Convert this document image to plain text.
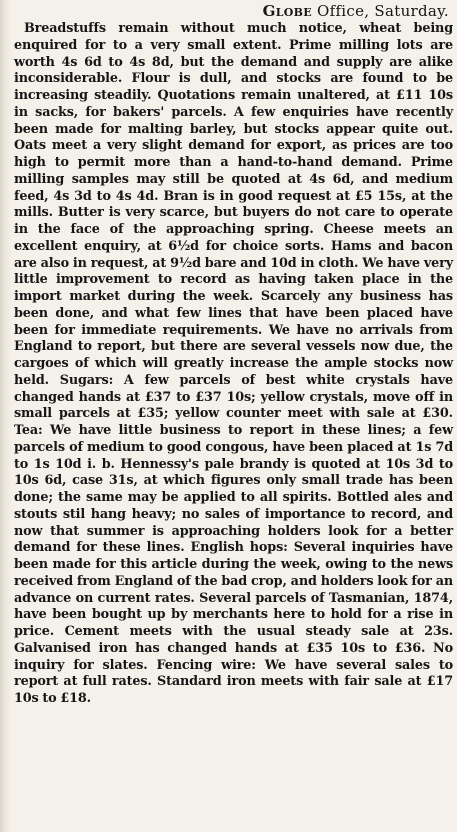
Globe Office, Saturday.

Breadstuffs remain without much notice, wheat being enquired for to a very small extent. Prime milling lots are worth 4s 6d to 4s 8d, but the demand and supply are alike inconsiderable. Flour is dull, and stocks are found to be increasing steadily. Quotations remain unaltered, at £11 10s in sacks, for bakers' parcels. A few enquiries have recently been made for malting barley, but stocks appear quite out. Oats meet a very slight demand for export, as prices are too high to permit more than a hand-to-hand demand. Prime milling samples may still be quoted at 4s 6d, and medium feed, 4s 3d to 4s 4d. Bran is in good request at £5 15s, at the mills. Butter is very scarce, but buyers do not care to operate in the face of the approaching spring. Cheese meets an excellent enquiry, at 6½d for choice sorts. Hams and bacon are also in request, at 9½d bare and 10d in cloth. We have very little improvement to record as having taken place in the import market during the week. Scarcely any business has been done, and what few lines that have been placed have been for immediate requirements. We have no arrivals from England to report, but there are several vessels now due, the cargoes of which will greatly increase the ample stocks now held. Sugars: A few parcels of best white crystals have changed hands at £37 to £37 10s; yellow crystals, move off in small parcels at £35; yellow counter meet with sale at £30. Tea: We have little business to report in these lines; a few parcels of medium to good congous, have been placed at 1s 7d to 1s 10d i. b. Hennessy's pale brandy is quoted at 10s 3d to 10s 6d, case 31s, at which figures only small trade has been done; the same may be applied to all spirits. Bottled ales and stouts stil hang heavy; no sales of importance to record, and now that summer is approaching holders look for a better demand for these lines. English hops: Several inquiries have been made for this article during the week, owing to the news received from England of the bad crop, and holders look for an advance on current rates. Several parcels of Tasmanian, 1874, have been bought up by merchants here to hold for a rise in price. Cement meets with the usual steady sale at 23s. Galvanised iron has changed hands at £35 10s to £36. No inquiry for slates. Fencing wire: We have several sales to report at full rates. Standard iron meets with fair sale at £17 10s to £18.
